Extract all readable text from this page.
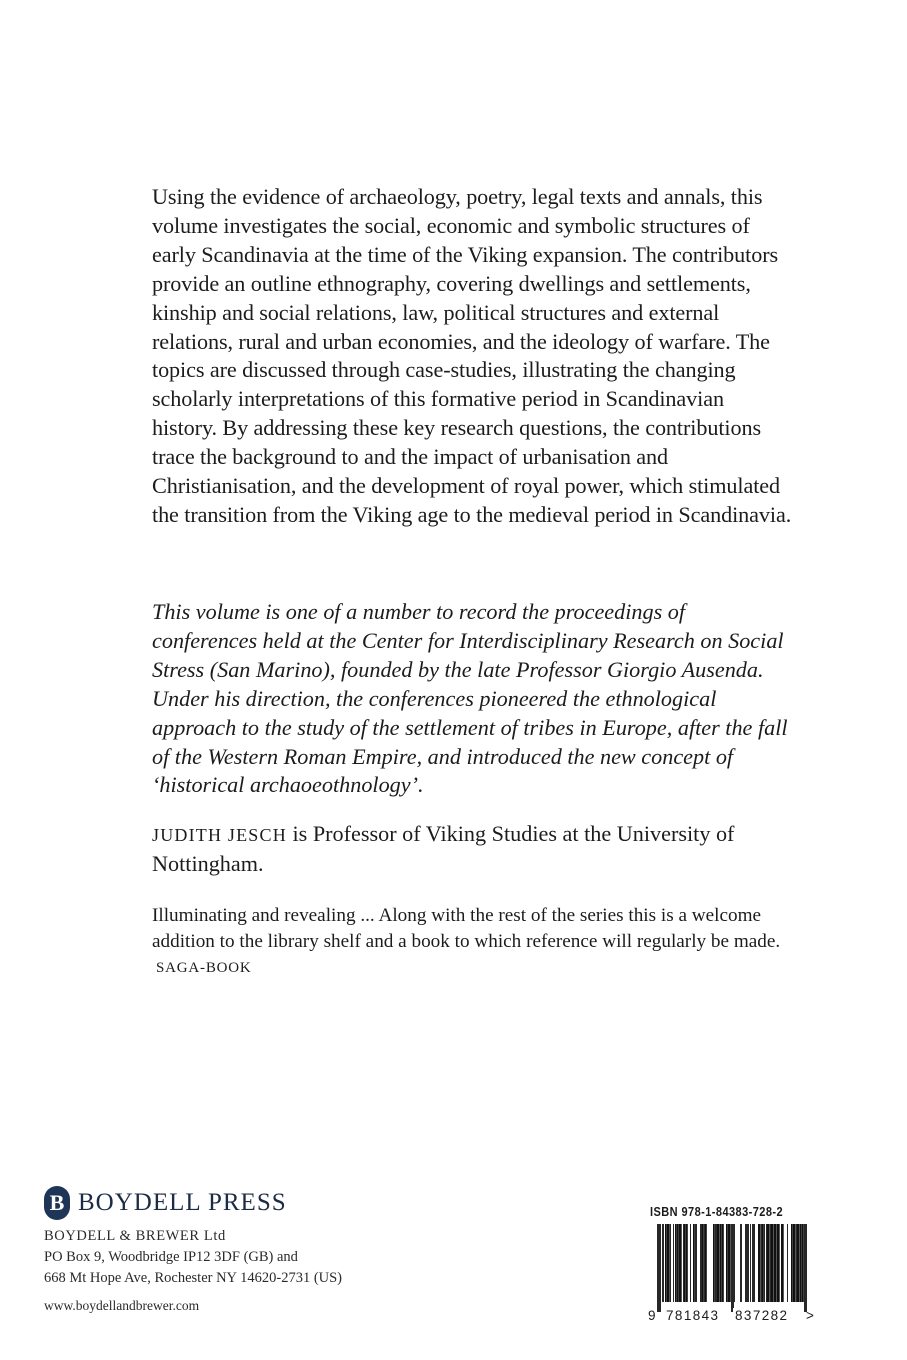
Using the evidence of archaeology, poetry, legal texts and annals, this volume investigates the social, economic and symbolic structures of early Scandinavia at the time of the Viking expansion. The contributors provide an outline ethnography, covering dwellings and settlements, kinship and social relations, law, political structures and external relations, rural and urban economies, and the ideology of warfare. The topics are discussed through case-studies, illustrating the changing scholarly interpretations of this formative period in Scandinavian history. By addressing these key research questions, the contributions trace the background to and the impact of urbanisation and Christianisation, and the development of royal power, which stimulated the transition from the Viking age to the medieval period in Scandinavia.

This volume is one of a number to record the proceedings of conferences held at the Center for Interdisciplinary Research on Social Stress (San Marino), founded by the late Professor Giorgio Ausenda. Under his direction, the conferences pioneered the ethnological approach to the study of the settlement of tribes in Europe, after the fall of the Western Roman Empire, and introduced the new concept of ‘historical archaoeothnology’.

JUDITH JESCH is Professor of Viking Studies at the University of Nottingham.

Illuminating and revealing ... Along with the rest of the series this is a welcome addition to the library shelf and a book to which reference will regularly be made. SAGA-BOOK

B BOYDELL PRESS
BOYDELL & BREWER Ltd
PO Box 9, Woodbridge IP12 3DF (GB) and
668 Mt Hope Ave, Rochester NY 14620-2731 (US)
www.boydellandbrewer.com
ISBN 978-1-84383-728-2
9 781843 837282 >
